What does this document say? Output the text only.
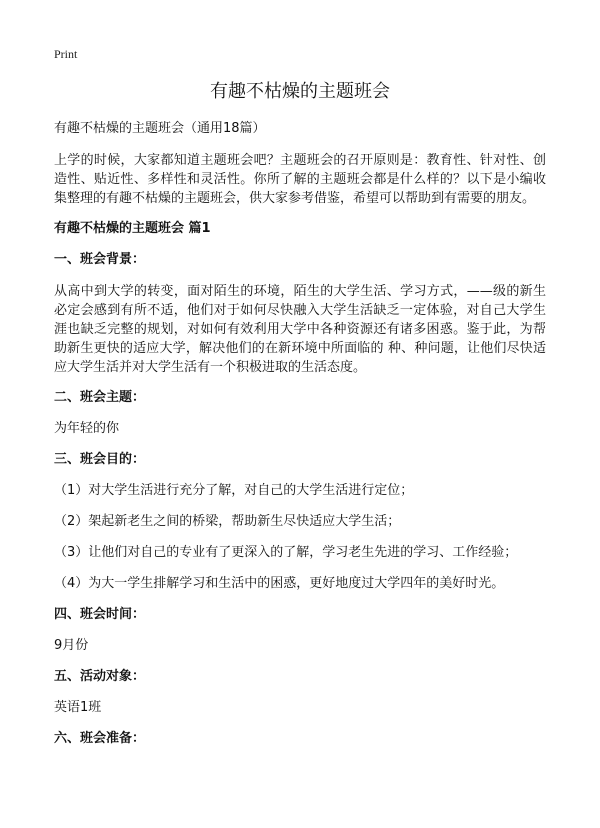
Print
有趣不枯燥的主题班会

有趣不枯燥的主题班会（通用18篇）

上学的时候，大家都知道主题班会吧？主题班会的召开原则是：教育性、针对性、创造性、贴近性、多样性和灵活性。你所了解的主题班会都是什么样的？以下是小编收集整理的有趣不枯燥的主题班会，供大家参考借鉴，希望可以帮助到有需要的朋友。

有趣不枯燥的主题班会 篇1

一、班会背景：

从高中到大学的转变，面对陌生的环境，陌生的大学生活、学习方式，——级的新生必定会感到有所不适，他们对于如何尽快融入大学生活缺乏一定体验，对自己大学生涯也缺乏完整的规划，对如何有效利用大学中各种资源还有诸多困惑。鉴于此，为帮助新生更快的适应大学，解决他们的在新环境中所面临的 种、种问题，让他们尽快适应大学生活并对大学生活有一个积极进取的生活态度。

二、班会主题：

为年轻的你

三、班会目的：

（1）对大学生活进行充分了解，对自己的大学生活进行定位；

（2）架起新老生之间的桥梁，帮助新生尽快适应大学生活；

（3）让他们对自己的专业有了更深入的了解，学习老生先进的学习、工作经验；

（4）为大一学生排解学习和生活中的困惑，更好地度过大学四年的美好时光。

四、班会时间：

9月份

五、活动对象：

英语1班

六、班会准备：
